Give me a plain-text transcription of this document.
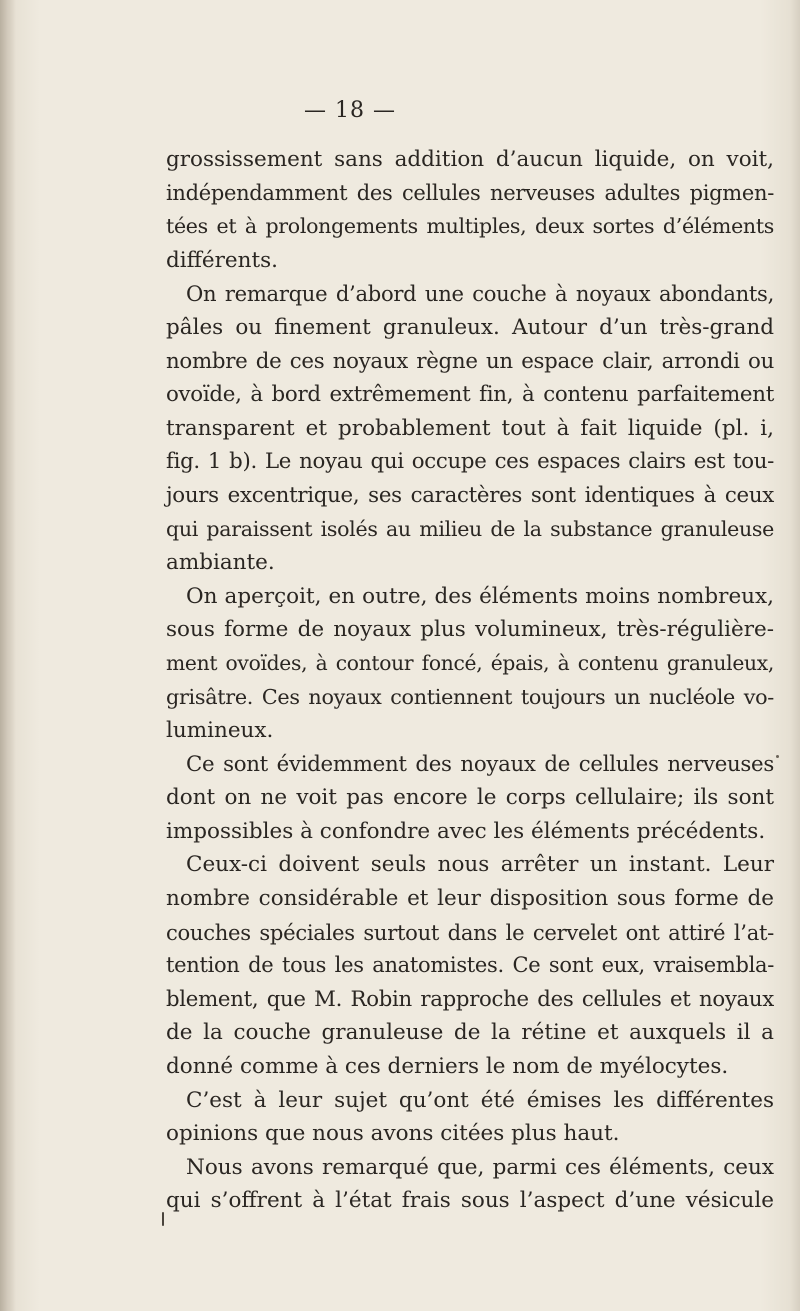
— 18 —
grossissement sans addition d’aucun liquide, on voit,
indépendamment des cellules nerveuses adultes pigmen-
tées et à prolongements multiples, deux sortes d’éléments
différents.
On remarque d’abord une couche à noyaux abondants,
pâles ou finement granuleux. Autour d’un très-grand
nombre de ces noyaux règne un espace clair, arrondi ou
ovoïde, à bord extrêmement fin, à contenu parfaitement
transparent et probablement tout à fait liquide (pl. i,
fig. 1 b). Le noyau qui occupe ces espaces clairs est tou-
jours excentrique, ses caractères sont identiques à ceux
qui paraissent isolés au milieu de la substance granuleuse
ambiante.
On aperçoit, en outre, des éléments moins nombreux,
sous forme de noyaux plus volumineux, très-régulière-
ment ovoïdes, à contour foncé, épais, à contenu granuleux,
grisâtre. Ces noyaux contiennent toujours un nucléole vo-
lumineux.
Ce sont évidemment des noyaux de cellules nerveuses
dont on ne voit pas encore le corps cellulaire; ils sont
impossibles à confondre avec les éléments précédents.
Ceux-ci doivent seuls nous arrêter un instant. Leur
nombre considérable et leur disposition sous forme de
couches spéciales surtout dans le cervelet ont attiré l’at-
tention de tous les anatomistes. Ce sont eux, vraisembla-
blement, que M. Robin rapproche des cellules et noyaux
de la couche granuleuse de la rétine et auxquels il a
donné comme à ces derniers le nom de myélocytes.
C’est à leur sujet qu’ont été émises les différentes
opinions que nous avons citées plus haut.
Nous avons remarqué que, parmi ces éléments, ceux
qui s’offrent à l’état frais sous l’aspect d’une vésicule
